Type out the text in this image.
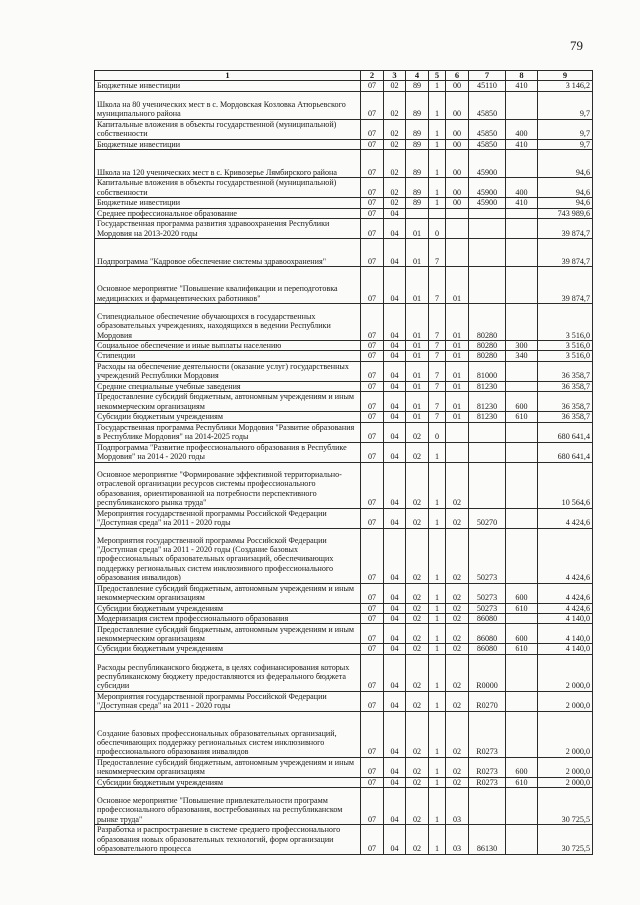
79
1	2	3	4	5	6	7	8	9
Бюджетные инвестиции	07	02	89	1	00	45110	410	3 146,2
Школа на 80 ученических мест в с. Мордовская Козловка Атюрьевского муниципального района	07	02	89	1	00	45850		9,7
Капитальные вложения в объекты государственной (муниципальной) собственности	07	02	89	1	00	45850	400	9,7
Бюджетные инвестиции	07	02	89	1	00	45850	410	9,7
Школа на 120 ученических мест в с. Кривозерье Лямбирского района	07	02	89	1	00	45900		94,6
Капитальные вложения в объекты государственной (муниципальной) собственности	07	02	89	1	00	45900	400	94,6
Бюджетные инвестиции	07	02	89	1	00	45900	410	94,6
Среднее профессиональное образование	07	04						743 989,6
Государственная программа развития здравоохранения Республики Мордовия на 2013-2020 годы	07	04	01	0				39 874,7
Подпрограмма "Кадровое обеспечение системы здравоохранения"	07	04	01	7				39 874,7
Основное мероприятие "Повышение квалификации и переподготовка медицинских и фармацевтических работников"	07	04	01	7	01			39 874,7
Стипендиальное обеспечение обучающихся в государственных образовательных учреждениях, находящихся в ведении Республики Мордовия	07	04	01	7	01	80280		3 516,0
Социальное обеспечение и иные выплаты населению	07	04	01	7	01	80280	300	3 516,0
Стипендии	07	04	01	7	01	80280	340	3 516,0
Расходы на обеспечение деятельности (оказание услуг) государственных учреждений Республики Мордовия	07	04	01	7	01	81000		36 358,7
Средние специальные учебные заведения	07	04	01	7	01	81230		36 358,7
Предоставление субсидий бюджетным, автономным учреждениям и иным некоммерческим организациям	07	04	01	7	01	81230	600	36 358,7
Субсидии бюджетным учреждениям	07	04	01	7	01	81230	610	36 358,7
Государственная программа Республики Мордовия "Развитие образования в Республике Мордовия" на 2014-2025 годы	07	04	02	0				680 641,4
Подпрограмма "Развитие профессионального образования в Республике Мордовия" на 2014 - 2020 годы	07	04	02	1				680 641,4
Основное мероприятие "Формирование эффективной территориально-отраслевой организации ресурсов системы профессионального образования, ориентированной на потребности перспективного республиканского рынка труда"	07	04	02	1	02			10 564,6
Мероприятия государственной программы Российской Федерации "Доступная среда" на 2011 - 2020 годы	07	04	02	1	02	50270		4 424,6
Мероприятия государственной программы Российской Федерации "Доступная среда" на 2011 - 2020 годы (Создание базовых профессиональных образовательных организаций, обеспечивающих поддержку региональных систем инклюзивного профессионального образования инвалидов)	07	04	02	1	02	50273		4 424,6
Предоставление субсидий бюджетным, автономным учреждениям и иным некоммерческим организациям	07	04	02	1	02	50273	600	4 424,6
Субсидии бюджетным учреждениям	07	04	02	1	02	50273	610	4 424,6
Модернизация систем профессионального образования	07	04	02	1	02	86080		4 140,0
Предоставление субсидий бюджетным, автономным учреждениям и иным некоммерческим организациям	07	04	02	1	02	86080	600	4 140,0
Субсидии бюджетным учреждениям	07	04	02	1	02	86080	610	4 140,0
Расходы республиканского бюджета, в целях софинансирования которых республиканскому бюджету предоставляются из федерального бюджета субсидии	07	04	02	1	02	R0000		2 000,0
Мероприятия государственной программы Российской Федерации "Доступная среда" на 2011 - 2020 годы	07	04	02	1	02	R0270		2 000,0
Создание базовых профессиональных образовательных организаций, обеспечивающих поддержку региональных систем инклюзивного профессионального образования инвалидов	07	04	02	1	02	R0273		2 000,0
Предоставление субсидий бюджетным, автономным учреждениям и иным некоммерческим организациям	07	04	02	1	02	R0273	600	2 000,0
Субсидии бюджетным учреждениям	07	04	02	1	02	R0273	610	2 000,0
Основное мероприятие "Повышение привлекательности программ профессионального образования, востребованных на республиканском рынке труда"	07	04	02	1	03			30 725,5
Разработка и распространение в системе среднего профессионального образования новых образовательных технологий, форм организации образовательного процесса	07	04	02	1	03	86130		30 725,5
